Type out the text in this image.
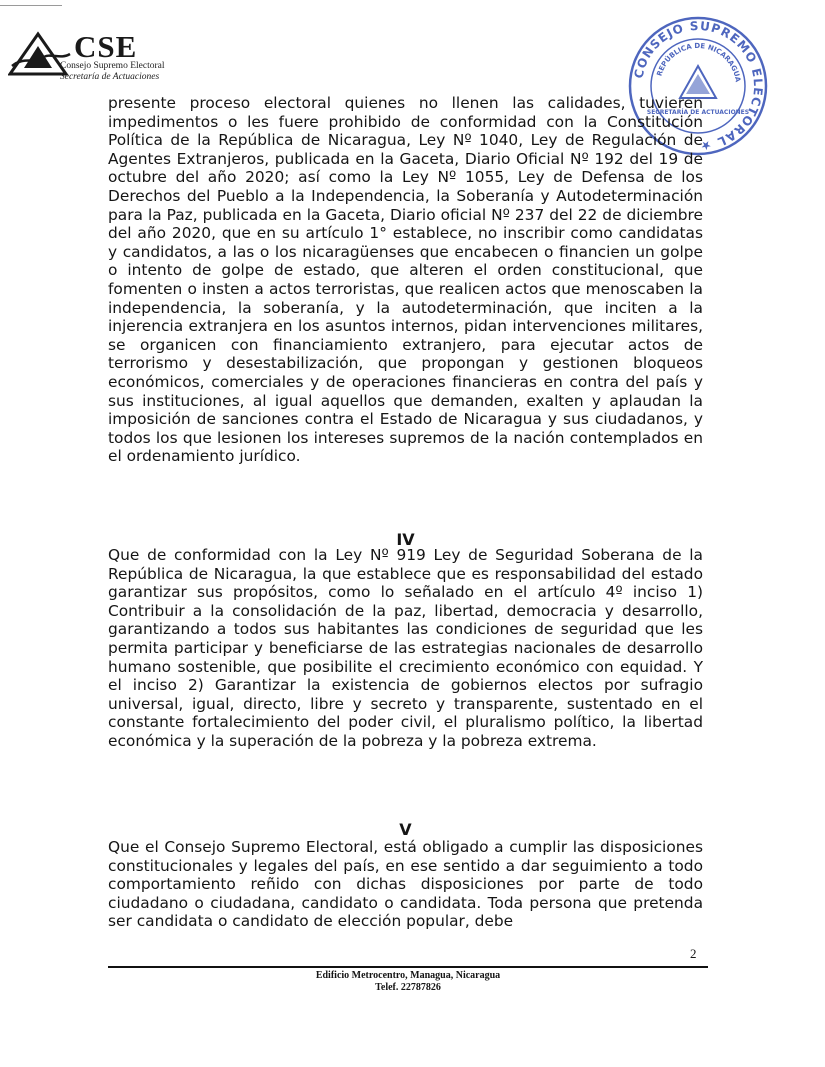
CSE
Consejo Supremo Electoral
Secretaría de Actuaciones	CONSEJO SUPREMO ELECTORAL ★
REPÚBLICA DE NICARAGUA
SECRETARÍA DE ACTUACIONES

presente proceso electoral quienes no llenen las calidades, tuvieren impedimentos o les fuere prohibido de conformidad con la Constitución Política de la República de Nicaragua, Ley Nº 1040, Ley de Regulación de Agentes Extranjeros, publicada en la Gaceta, Diario Oficial Nº 192 del 19 de octubre del año 2020; así como la Ley Nº 1055, Ley de Defensa de los Derechos del Pueblo a la Independencia, la Soberanía y Autodeterminación para la Paz, publicada en la Gaceta, Diario oficial Nº 237 del 22 de diciembre del año 2020, que en su artículo 1° establece, no inscribir como candidatas y candidatos, a las o los nicaragüenses que encabecen o financien un golpe o intento de golpe de estado, que alteren el orden constitucional, que fomenten o insten a actos terroristas, que realicen actos que menoscaben la independencia, la soberanía, y la autodeterminación, que inciten a la injerencia extranjera en los asuntos internos, pidan intervenciones militares, se organicen con financiamiento extranjero, para ejecutar actos de terrorismo y desestabilización, que propongan y gestionen bloqueos económicos, comerciales y de operaciones financieras en contra del país y sus instituciones, al igual aquellos que demanden, exalten y aplaudan la imposición de sanciones contra el Estado de Nicaragua y sus ciudadanos, y todos los que lesionen los intereses supremos de la nación contemplados en el ordenamiento jurídico.

IV

Que de conformidad con la Ley Nº 919 Ley de Seguridad Soberana de la República de Nicaragua, la que establece que es responsabilidad del estado garantizar sus propósitos, como lo señalado en el artículo 4º inciso 1) Contribuir a la consolidación de la paz, libertad, democracia y desarrollo, garantizando a todos sus habitantes las condiciones de seguridad que les permita participar y beneficiarse de las estrategias nacionales de desarrollo humano sostenible, que posibilite el crecimiento económico con equidad. Y el inciso 2) Garantizar la existencia de gobiernos electos por sufragio universal, igual, directo, libre y secreto y transparente, sustentado en el constante fortalecimiento del poder civil, el pluralismo político, la libertad económica y la superación de la pobreza y la pobreza extrema.

V

Que el Consejo Supremo Electoral, está obligado a cumplir las disposiciones constitucionales y legales del país, en ese sentido a dar seguimiento a todo comportamiento reñido con dichas disposiciones por parte de todo ciudadano o ciudadana, candidato o candidata. Toda persona que pretenda ser candidata o candidato de elección popular, debe

2
Edificio Metrocentro, Managua, Nicaragua
Telef. 22787826
